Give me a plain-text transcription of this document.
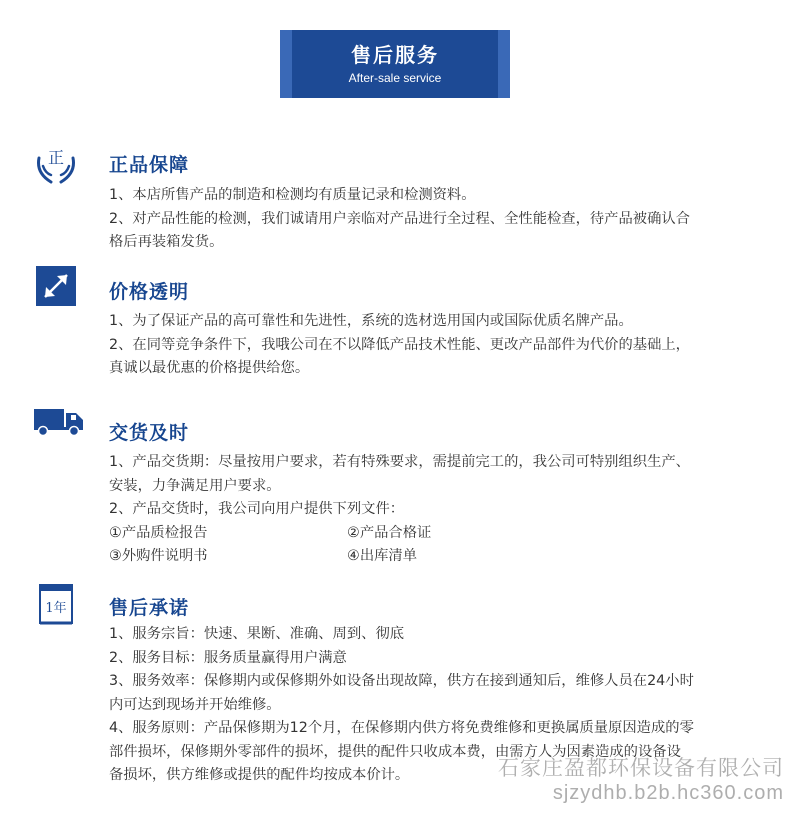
售后服务
After-sale service
正 正品保障

1、本店所售产品的制造和检测均有质量记录和检测资料。

2、对产品性能的检测，我们诚请用户亲临对产品进行全过程、全性能检查，待产品被确认合

格后再装箱发货。

价格透明

1、为了保证产品的高可靠性和先进性，系统的选材选用国内或国际优质名牌产品。

2、在同等竞争条件下，我哦公司在不以降低产品技术性能、更改产品部件为代价的基础上，

真诚以最优惠的价格提供给您。

交货及时

1、产品交货期：尽量按用户要求，若有特殊要求，需提前完工的，我公司可特别组织生产、

安装，力争满足用户要求。

2、产品交货时，我公司向用户提供下列文件：

①产品质检报告	②产品合格证
③外购件说明书	④出库清单
1年 售后承诺

1、服务宗旨：快速、果断、准确、周到、彻底

2、服务目标：服务质量赢得用户满意

3、服务效率：保修期内或保修期外如设备出现故障，供方在接到通知后，维修人员在24小时

内可达到现场并开始维修。

4、服务原则：产品保修期为12个月，在保修期内供方将免费维修和更换属质量原因造成的零

部件损坏，保修期外零部件的损坏，提供的配件只收成本费，由需方人为因素造成的设备设

备损坏，供方维修或提供的配件均按成本价计。	石家庄盈都环保设备有限公司
sjzydhb.b2b.hc360.com
